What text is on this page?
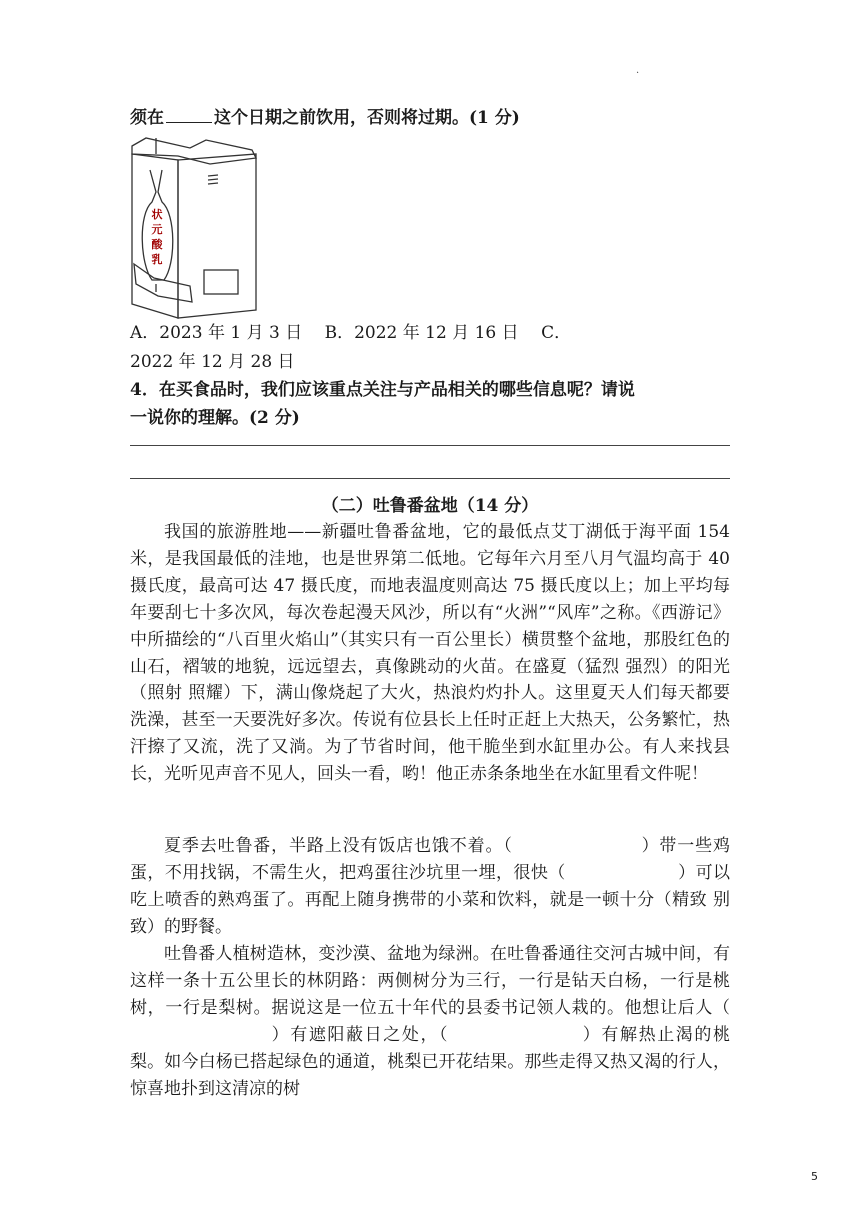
·
须在	这个日期之前饮用，否则将过期。(1 分)
状
元
酸
乳
A．2023 年 1 月 3 日　 B．2022 年 12 月 16 日　 C．2022 年 12 月 28 日
4．在买食品时，我们应该重点关注与产品相关的哪些信息呢？请说
一说你的理解。(2 分)
（二）吐鲁番盆地（14 分）

我国的旅游胜地——新疆吐鲁番盆地，它的最低点艾丁湖低于海平面 154 米，是我国最低的洼地，也是世界第二低地。它每年六月至八月气温均高于 40 摄氏度，最高可达 47 摄氏度，而地表温度则高达 75 摄氏度以上；加上平均每年要刮七十多次风，每次卷起漫天风沙，所以有“火洲”“风库”之称。《西游记》中所描绘的“八百里火焰山”（其实只有一百公里长）横贯整个盆地，那股红色的山石，褶皱的地貌，远远望去，真像跳动的火苗。在盛夏（猛烈 强烈）的阳光（照射 照耀）下，满山像烧起了大火，热浪灼灼扑人。这里夏天人们每天都要洗澡，甚至一天要洗好多次。传说有位县长上任时正赶上大热天，公务繁忙，热汗擦了又流，洗了又淌。为了节省时间，他干脆坐到水缸里办公。有人来找县长，光听见声音不见人，回头一看，哟！他正赤条条地坐在水缸里看文件呢！

夏季去吐鲁番，半路上没有饭店也饿不着。（	）带一些鸡蛋，不用找锅，不需生火，把鸡蛋往沙坑里一埋，很快（	）可以吃上喷香的熟鸡蛋了。再配上随身携带的小菜和饮料，就是一顿十分（精致 别致）的野餐。

吐鲁番人植树造林，变沙漠、盆地为绿洲。在吐鲁番通往交河古城中间，有这样一条十五公里长的林阴路：两侧树分为三行，一行是钻天白杨，一行是桃树，一行是梨树。据说这是一位五十年代的县委书记领人栽的。他想让后人（）有遮阳蔽日之处，（	）有解热止渴的桃梨。如今白杨已搭起绿色的通道，桃梨已开花结果。那些走得又热又渴的行人，惊喜地扑到这清凉的树

5
